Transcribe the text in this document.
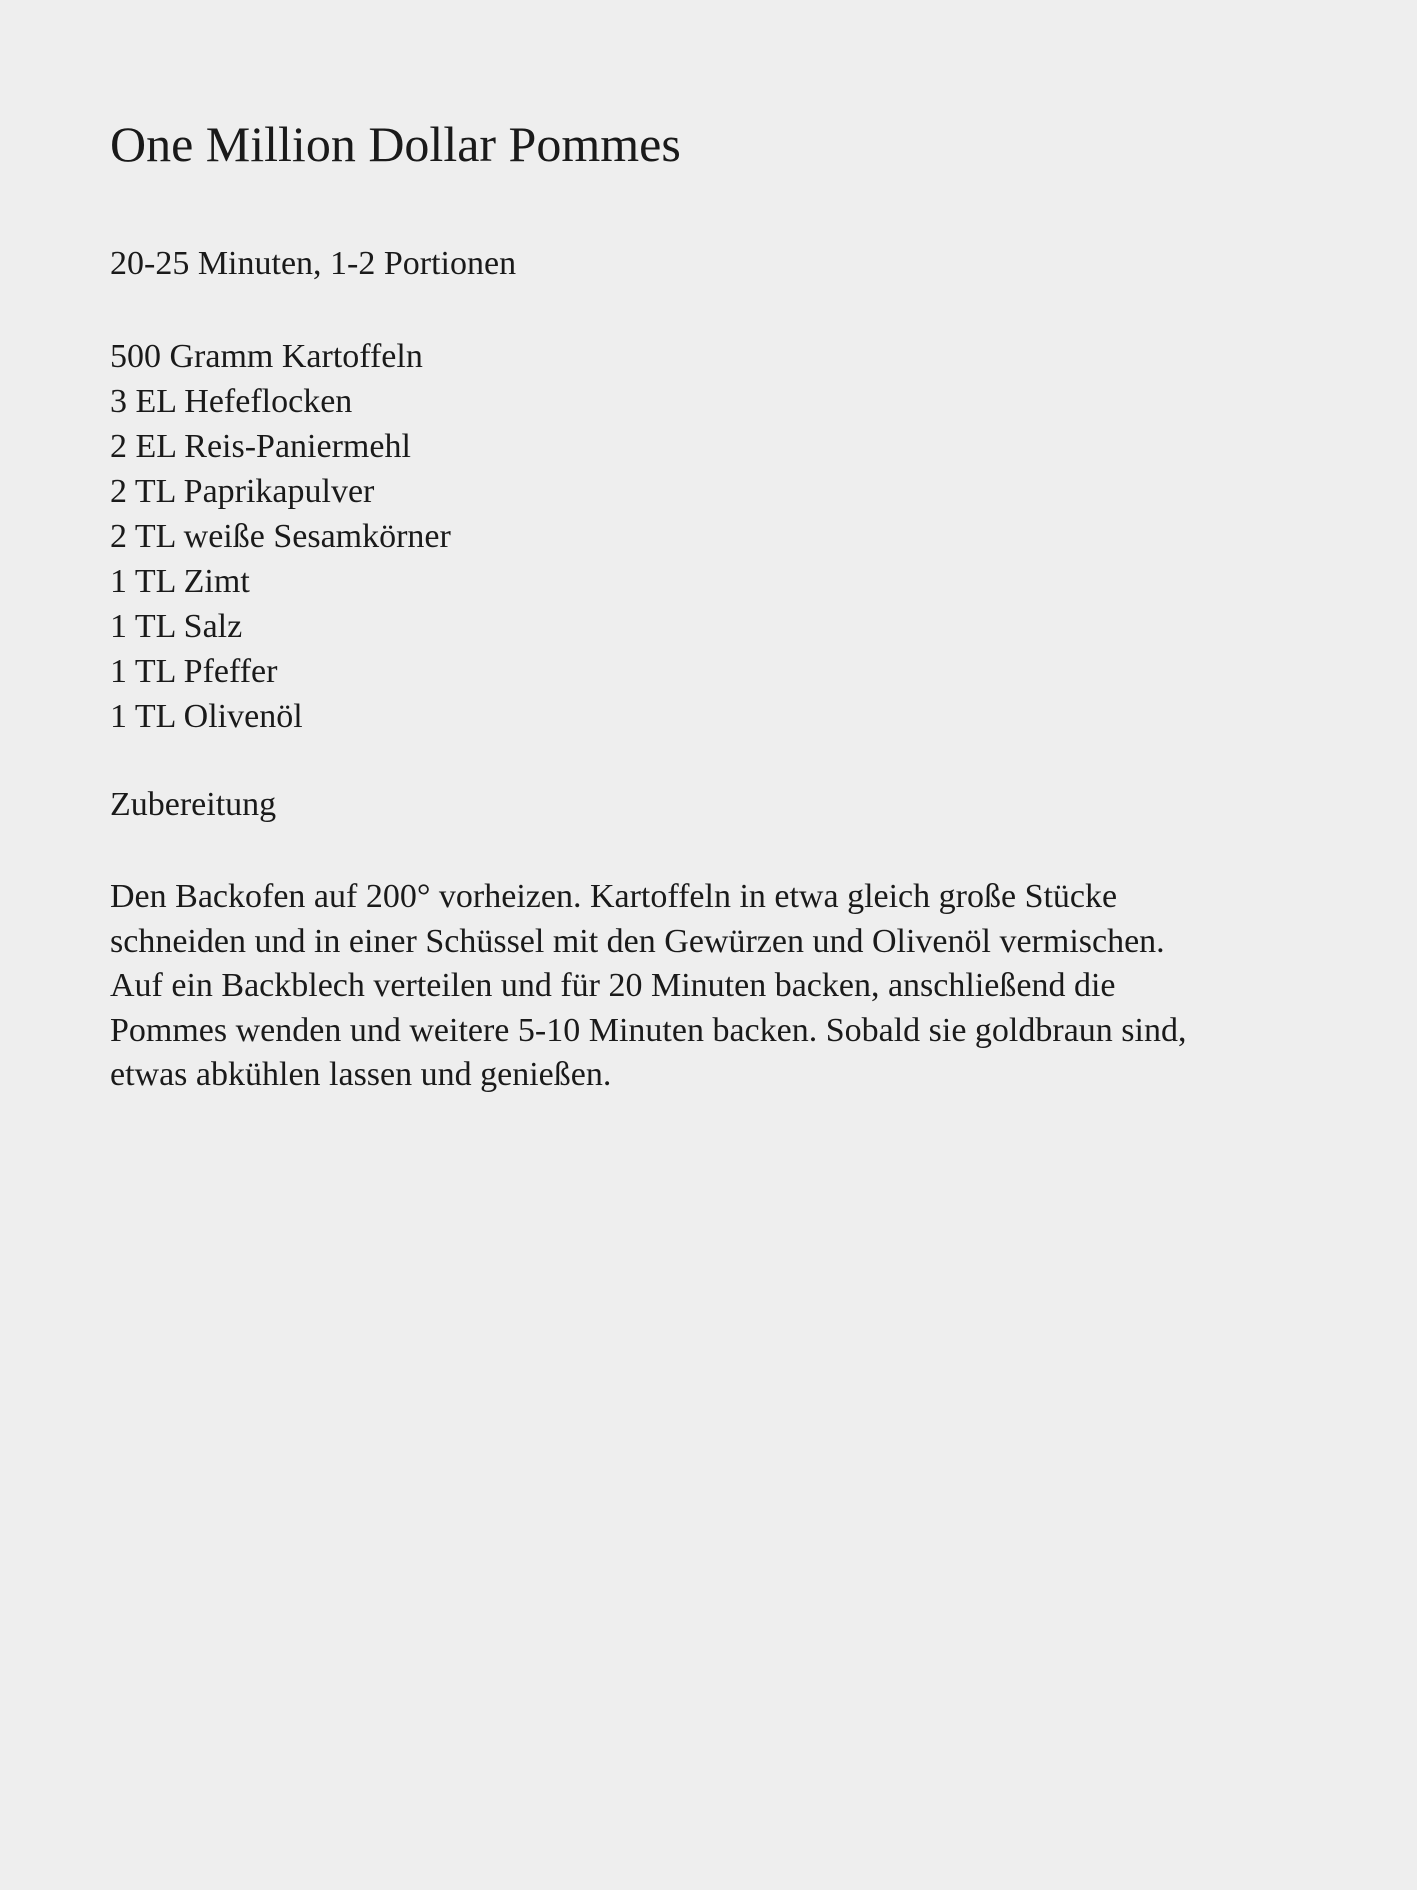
One Million Dollar Pommes

20-25 Minuten, 1-2 Portionen

500 Gramm Kartoffeln
3 EL Hefeflocken
2 EL Reis-Paniermehl
2 TL Paprikapulver
2 TL weiße Sesamkörner
1 TL Zimt
1 TL Salz
1 TL Pfeffer
1 TL Olivenöl
Zubereitung

Den Backofen auf 200° vorheizen. Kartoffeln in etwa gleich große Stücke
schneiden und in einer Schüssel mit den Gewürzen und Olivenöl vermischen.
Auf ein Backblech verteilen und für 20 Minuten backen, anschließend die
Pommes wenden und weitere 5-10 Minuten backen. Sobald sie goldbraun sind,
etwas abkühlen lassen und genießen.
